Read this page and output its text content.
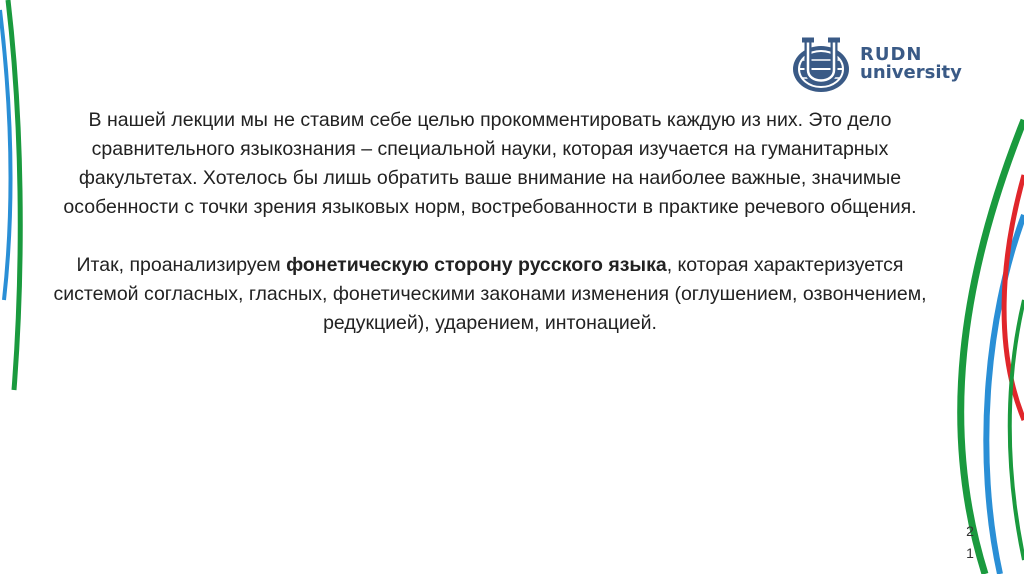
RUDN
university

В нашей лекции мы не ставим себе целью прокомментировать каждую из них. Это дело сравнительного языкознания – специальной науки, которая изучается на гуманитарных факультетах. Хотелось бы лишь обратить ваше внимание на наиболее важные, значимые особенности с точки зрения языковых норм, востребованности в практике речевого общения.

Итак, проанализируем фонетическую сторону русского языка, которая характеризуется системой согласных, гласных, фонетическими законами изменения (оглушением, озвончением, редукцией), ударением, интонацией.

2
1
